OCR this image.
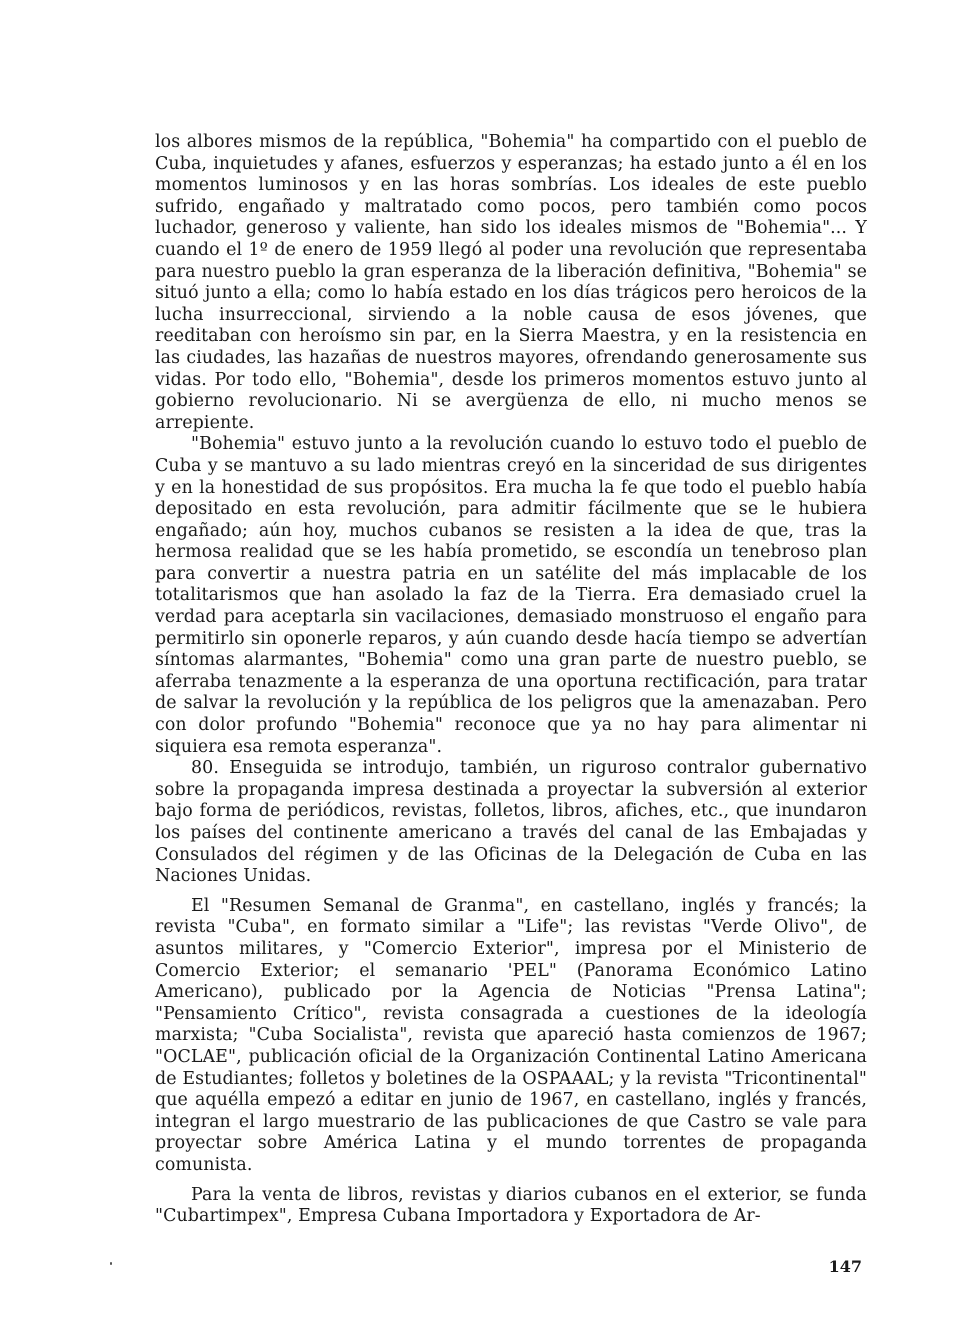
los albores mismos de la república, "Bohemia" ha compartido con el pueblo de Cuba, inquietudes y afanes, esfuerzos y esperanzas; ha estado junto a él en los momentos luminosos y en las horas sombrías. Los ideales de este pueblo sufrido, engañado y maltratado como pocos, pero también como pocos luchador, generoso y valiente, han sido los ideales mismos de "Bohemia"... Y cuando el 1º de enero de 1959 llegó al poder una revolución que representaba para nuestro pueblo la gran esperanza de la liberación definitiva, "Bohemia" se situó junto a ella; como lo había estado en los días trágicos pero heroicos de la lucha insurreccional, sirviendo a la noble causa de esos jóvenes, que reeditaban con heroísmo sin par, en la Sierra Maestra, y en la resistencia en las ciudades, las hazañas de nuestros mayores, ofrendando generosamente sus vidas. Por todo ello, "Bohemia", desde los primeros momentos estuvo junto al gobierno revolucionario. Ni se avergüenza de ello, ni mucho menos se arrepiente.

"Bohemia" estuvo junto a la revolución cuando lo estuvo todo el pueblo de Cuba y se mantuvo a su lado mientras creyó en la sinceridad de sus dirigentes y en la honestidad de sus propósitos. Era mucha la fe que todo el pueblo había depositado en esta revolución, para admitir fácilmente que se le hubiera engañado; aún hoy, muchos cubanos se resisten a la idea de que, tras la hermosa realidad que se les había prometido, se escondía un tenebroso plan para convertir a nuestra patria en un satélite del más implacable de los totalitarismos que han asolado la faz de la Tierra. Era demasiado cruel la verdad para aceptarla sin vacilaciones, demasiado monstruoso el engaño para permitirlo sin oponerle reparos, y aún cuando desde hacía tiempo se advertían síntomas alarmantes, "Bohemia" como una gran parte de nuestro pueblo, se aferraba tenazmente a la esperanza de una oportuna rectificación, para tratar de salvar la revolución y la república de los peligros que la amenazaban. Pero con dolor profundo "Bohemia" reconoce que ya no hay para alimentar ni siquiera esa remota esperanza".

80. Enseguida se introdujo, también, un riguroso contralor gubernativo sobre la propaganda impresa destinada a proyectar la subversión al exterior bajo forma de periódicos, revistas, folletos, libros, afiches, etc., que inundaron los países del continente americano a través del canal de las Embajadas y Consulados del régimen y de las Oficinas de la Delegación de Cuba en las Naciones Unidas.

El "Resumen Semanal de Granma", en castellano, inglés y francés; la revista "Cuba", en formato similar a "Life"; las revistas "Verde Olivo", de asuntos militares, y "Comercio Exterior", impresa por el Ministerio de Comercio Exterior; el semanario 'PEL" (Panorama Económico Latino Americano), publicado por la Agencia de Noticias "Prensa Latina"; "Pensamiento Crítico", revista consagrada a cuestiones de la ideología marxista; "Cuba Socialista", revista que apareció hasta comienzos de 1967; "OCLAE", publicación oficial de la Organización Continental Latino Americana de Estudiantes; folletos y boletines de la OSPAAAL; y la revista "Tricontinental" que aquélla empezó a editar en junio de 1967, en castellano, inglés y francés, integran el largo muestrario de las publicaciones de que Castro se vale para proyectar sobre América Latina y el mundo torrentes de propaganda comunista.

Para la venta de libros, revistas y diarios cubanos en el exterior, se funda "Cubartimpex", Empresa Cubana Importadora y Exportadora de Ar-

147
